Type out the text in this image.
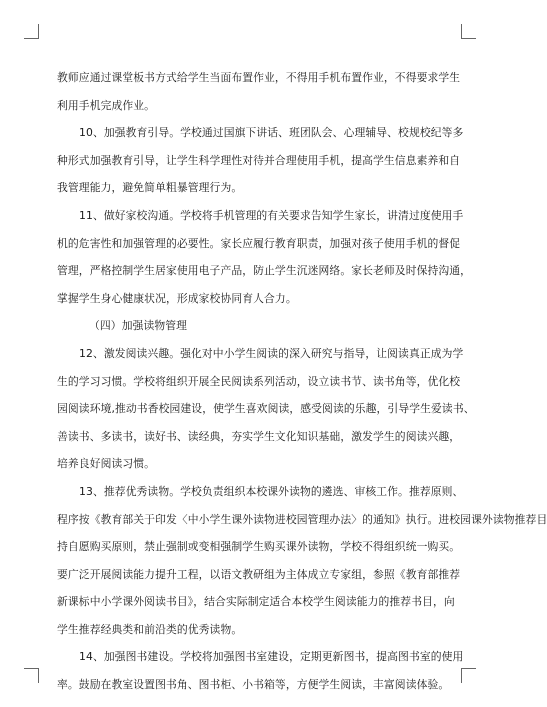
教师应通过课堂板书方式给学生当面布置作业，不得用手机布置作业，不得要求学生
利用手机完成作业。
10、加强教育引导。学校通过国旗下讲话、班团队会、心理辅导、校规校纪等多
种形式加强教育引导，让学生科学理性对待并合理使用手机，提高学生信息素养和自
我管理能力，避免简单粗暴管理行为。
11、做好家校沟通。学校将手机管理的有关要求告知学生家长，讲清过度使用手
机的危害性和加强管理的必要性。家长应履行教育职责，加强对孩子使用手机的督促
管理，严格控制学生居家使用电子产品，防止学生沉迷网络。家长老师及时保持沟通，
掌握学生身心健康状况，形成家校协同育人合力。
（四）加强读物管理
12、激发阅读兴趣。强化对中小学生阅读的深入研究与指导，让阅读真正成为学
生的学习习惯。学校将组织开展全民阅读系列活动，设立读书节、读书角等，优化校
园阅读环境,推动书香校园建设，使学生喜欢阅读，感受阅读的乐趣，引导学生爱读书、
善读书、多读书，读好书、读经典，夯实学生文化知识基础，激发学生的阅读兴趣，
培养良好阅读习惯。
13、推荐优秀读物。学校负责组织本校课外读物的遴选、审核工作。推荐原则、
程序按《教育部关于印发〈中小学生课外读物进校园管理办法〉的通知》执行。进校园课外读物推荐目
持自愿购买原则，禁止强制或变相强制学生购买课外读物，学校不得组织统一购买。
要广泛开展阅读能力提升工程，以语文教研组为主体成立专家组，参照《教育部推荐
新课标中小学课外阅读书目》，结合实际制定适合本校学生阅读能力的推荐书目，向
学生推荐经典类和前沿类的优秀读物。
14、加强图书建设。学校将加强图书室建设，定期更新图书，提高图书室的使用
率。鼓励在教室设置图书角、图书柜、小书箱等，方便学生阅读，丰富阅读体验。
